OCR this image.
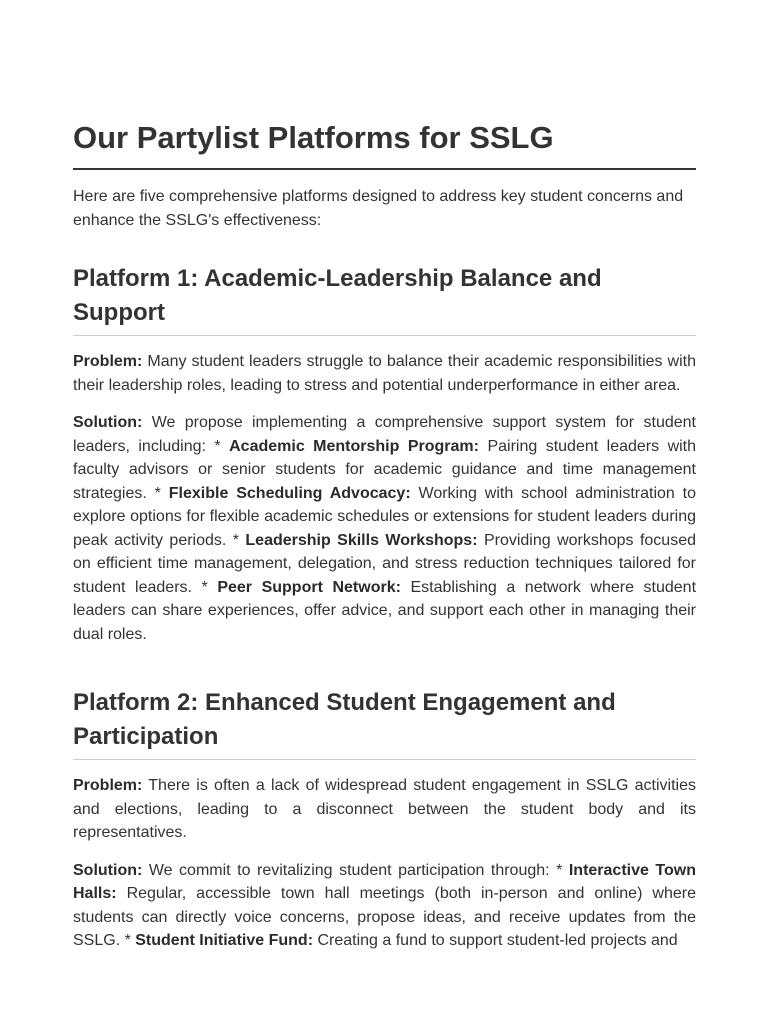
Our Partylist Platforms for SSLG

Here are five comprehensive platforms designed to address key student concerns and enhance the SSLG's effectiveness:

Platform 1: Academic-Leadership Balance and Support

Problem: Many student leaders struggle to balance their academic responsibilities with their leadership roles, leading to stress and potential underperformance in either area.

Solution: We propose implementing a comprehensive support system for student leaders, including: * Academic Mentorship Program: Pairing student leaders with faculty advisors or senior students for academic guidance and time management strategies. * Flexible Scheduling Advocacy: Working with school administration to explore options for flexible academic schedules or extensions for student leaders during peak activity periods. * Leadership Skills Workshops: Providing workshops focused on efficient time management, delegation, and stress reduction techniques tailored for student leaders. * Peer Support Network: Establishing a network where student leaders can share experiences, offer advice, and support each other in managing their dual roles.

Platform 2: Enhanced Student Engagement and Participation

Problem: There is often a lack of widespread student engagement in SSLG activities and elections, leading to a disconnect between the student body and its representatives.

Solution: We commit to revitalizing student participation through: * Interactive Town Halls: Regular, accessible town hall meetings (both in-person and online) where students can directly voice concerns, propose ideas, and receive updates from the SSLG. * Student Initiative Fund: Creating a fund to support student-led projects and
